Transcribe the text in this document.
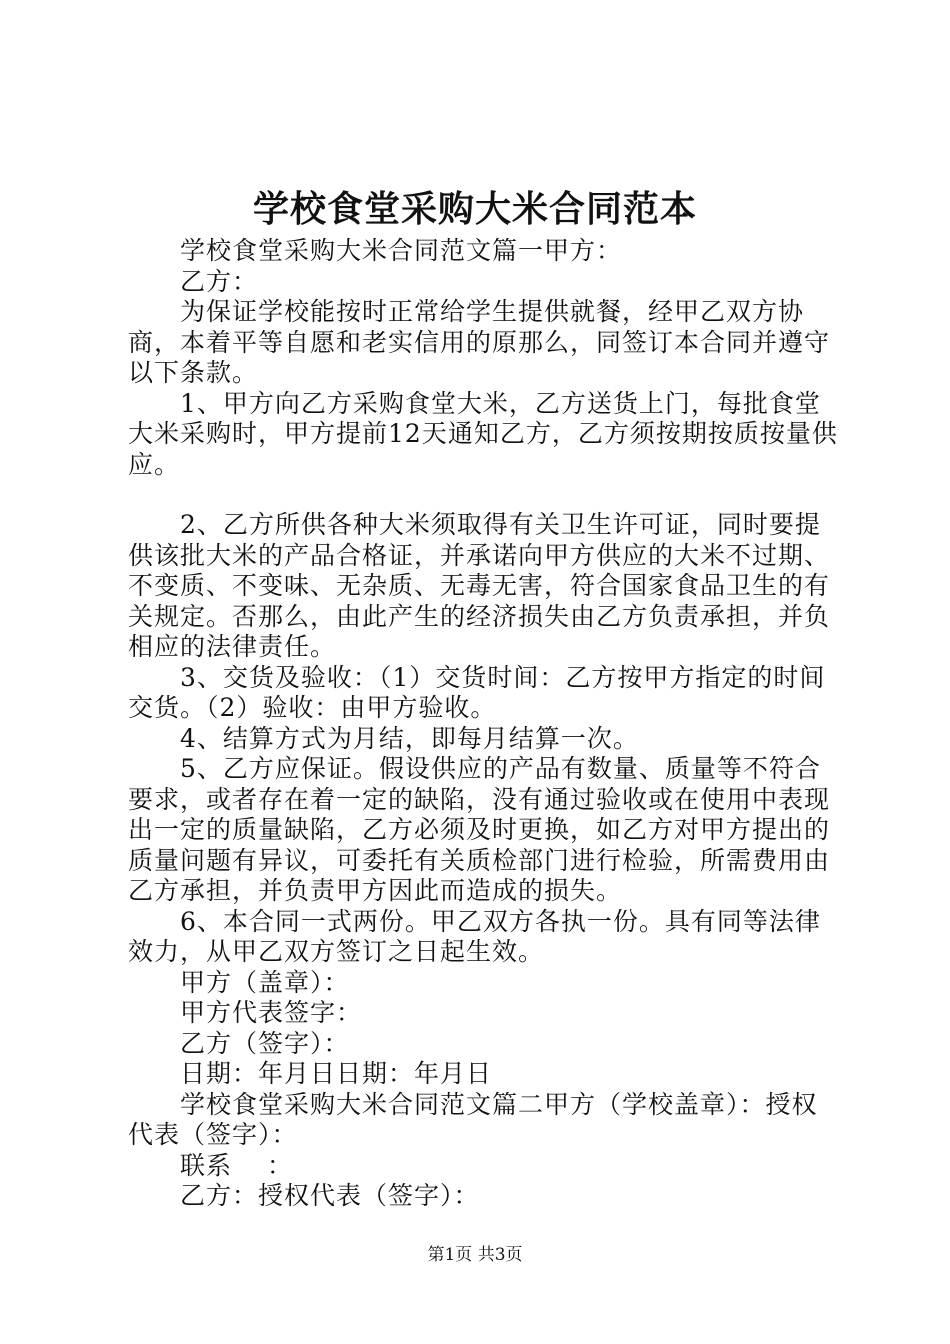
学校食堂采购大米合同范本

学校食堂采购大米合同范文篇一甲方：

乙方：

为保证学校能按时正常给学生提供就餐，经甲乙双方协商，本着平等自愿和老实信用的原那么，同签订本合同并遵守以下条款。

1、甲方向乙方采购食堂大米，乙方送货上门，每批食堂大米采购时，甲方提前12天通知乙方，乙方须按期按质按量供应。

2、乙方所供各种大米须取得有关卫生许可证，同时要提供该批大米的产品合格证，并承诺向甲方供应的大米不过期、不变质、不变味、无杂质、无毒无害，符合国家食品卫生的有关规定。否那么，由此产生的经济损失由乙方负责承担，并负相应的法律责任。

3、交货及验收：（1）交货时间：乙方按甲方指定的时间交货。（2）验收：由甲方验收。

4、结算方式为月结，即每月结算一次。

5、乙方应保证。假设供应的产品有数量、质量等不符合要求，或者存在着一定的缺陷，没有通过验收或在使用中表现出一定的质量缺陷，乙方必须及时更换，如乙方对甲方提出的质量问题有异议，可委托有关质检部门进行检验，所需费用由乙方承担，并负责甲方因此而造成的损失。

6、本合同一式两份。甲乙双方各执一份。具有同等法律效力，从甲乙双方签订之日起生效。

甲方（盖章）：

甲方代表签字：

乙方（签字）：

日期：年月日日期：年月日

学校食堂采购大米合同范文篇二甲方（学校盖章）：授权代表（签字）：

联系　 ：

乙方：授权代表（签字）：

第1页 共3页
